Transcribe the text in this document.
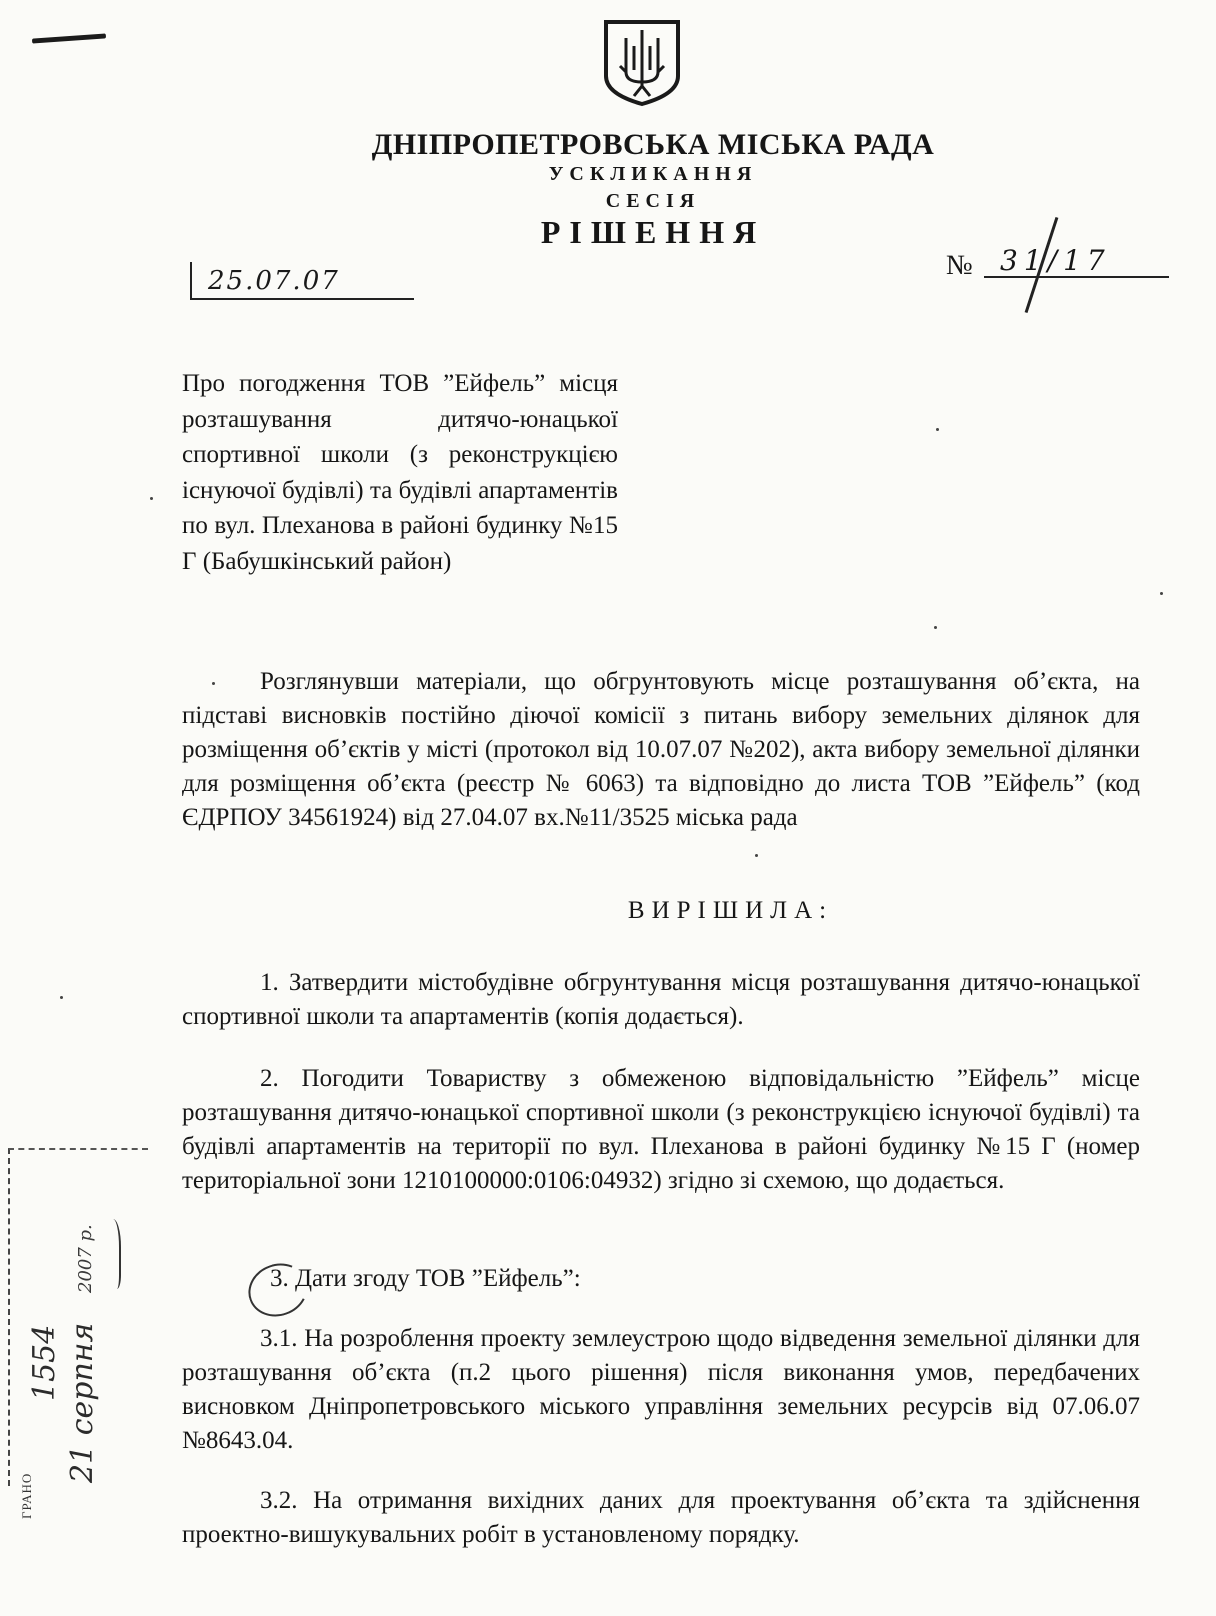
ДНІПРОПЕТРОВСЬКА МІСЬКА РАДА
УСКЛИКАННЯ
СЕСІЯ
РІШЕННЯ
25.07.07	№ 31/17
Про погодження ТОВ ”Ейфель” місця розташування дитячо-юнацької спортивної школи (з реконструкцією існуючої будівлі) та будівлі апартаментів по вул. Плеханова в районі будинку №15 Г (Бабушкінський район)
Розглянувши матеріали, що обгрунтовують місце розташування об’єкта, на підставі висновків постійно діючої комісії з питань вибору земельних ділянок для розміщення об’єктів у місті (протокол від 10.07.07 №202), акта вибору земельної ділянки для розміщення об’єкта (реєстр № 6063) та відповідно до листа ТОВ ”Ейфель” (код ЄДРПОУ 34561924) від 27.04.07 вх.№11/3525 міська рада
ВИРІШИЛА:
1. Затвердити містобудівне обгрунтування місця розташування дитячо-юнацької спортивної школи та апартаментів (копія додається).
2. Погодити Товариству з обмеженою відповідальністю ”Ейфель” місце розташування дитячо-юнацької спортивної школи (з реконструкцією існуючої будівлі) та будівлі апартаментів на території по вул. Плеханова в районі будинку №15 Г (номер територіальної зони 1210100000:0106:04932) згідно зі схемою, що додається.
3. Дати згоду ТОВ ”Ейфель”:
3.1. На розроблення проекту землеустрою щодо відведення земельної ділянки для розташування об’єкта (п.2 цього рішення) після виконання умов, передбачених висновком Дніпропетровського міського управління земельних ресурсів від 07.06.07 №8643.04.
3.2. На отримання вихідних даних для проектування об’єкта та здійснення проектно-вишукувальних робіт в установленому порядку.
ГРАНО
1554 21 серпня
2007 р.
